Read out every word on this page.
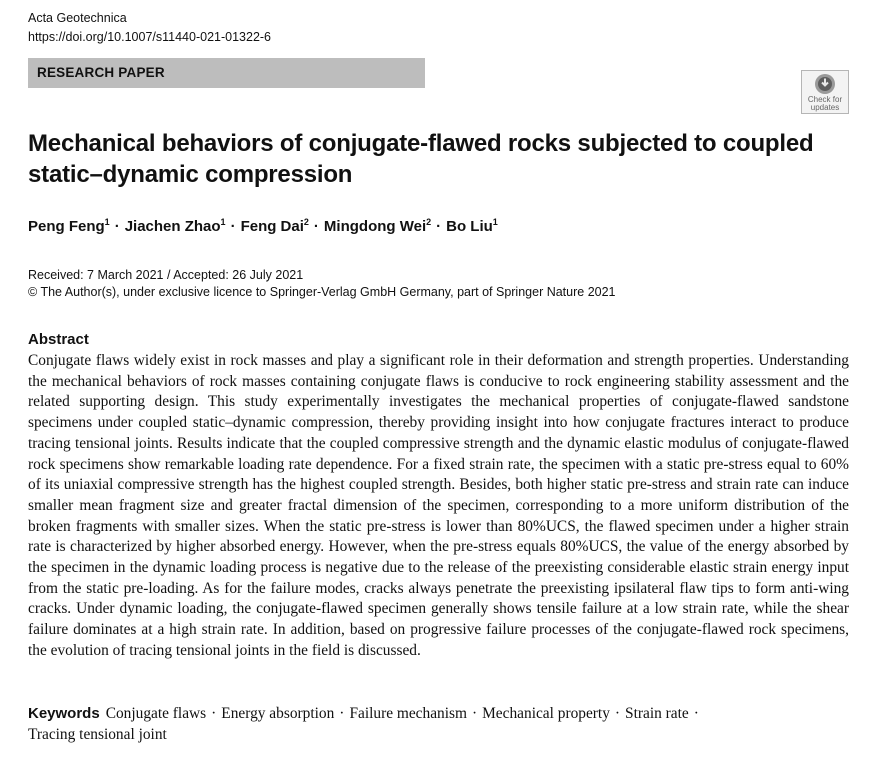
Acta Geotechnica
https://doi.org/10.1007/s11440-021-01322-6
RESEARCH PAPER
Check for updates
Mechanical behaviors of conjugate-flawed rocks subjected to coupled static–dynamic compression
Peng Feng$^1$ · Jiachen Zhao$^1$ · Feng Dai$^2$ · Mingdong Wei$^2$ · Bo Liu$^1$
Received: 7 March 2021 / Accepted: 26 July 2021
© The Author(s), under exclusive licence to Springer-Verlag GmbH Germany, part of Springer Nature 2021
Abstract

Conjugate flaws widely exist in rock masses and play a significant role in their deformation and strength properties. Understanding the mechanical behaviors of rock masses containing conjugate flaws is conducive to rock engineering stability assessment and the related supporting design. This study experimentally investigates the mechanical properties of conjugate-flawed sandstone specimens under coupled static–dynamic compression, thereby providing insight into how conjugate fractures interact to produce tracing tensional joints. Results indicate that the coupled compressive strength and the dynamic elastic modulus of conjugate-flawed rock specimens show remarkable loading rate dependence. For a fixed strain rate, the specimen with a static pre-stress equal to 60% of its uniaxial compressive strength has the highest coupled strength. Besides, both higher static pre-stress and strain rate can induce smaller mean fragment size and greater fractal dimension of the specimen, corresponding to a more uniform distribution of the broken fragments with smaller sizes. When the static pre-stress is lower than 80%UCS, the flawed specimen under a higher strain rate is characterized by higher absorbed energy. However, when the pre-stress equals 80%UCS, the value of the energy absorbed by the specimen in the dynamic loading process is negative due to the release of the preexisting considerable elastic strain energy input from the static pre-loading. As for the failure modes, cracks always penetrate the preexisting ipsilateral flaw tips to form anti-wing cracks. Under dynamic loading, the conjugate-flawed specimen generally shows tensile failure at a low strain rate, while the shear failure dominates at a high strain rate. In addition, based on progressive failure processes of the conjugate-flawed rock specimens, the evolution of tracing tensional joints in the field is discussed.

Keywords Conjugate flaws · Energy absorption · Failure mechanism · Mechanical property · Strain rate ·
Tracing tensional joint
